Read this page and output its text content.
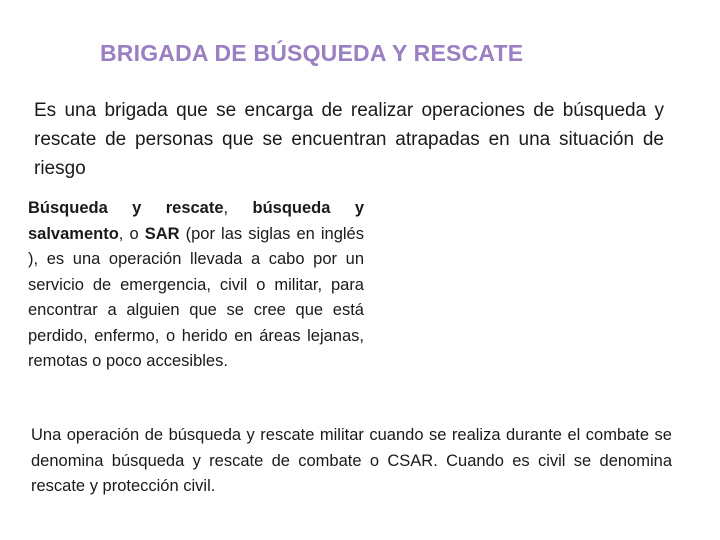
BRIGADA DE BÚSQUEDA Y RESCATE
Es una brigada que se encarga de realizar operaciones de búsqueda y rescate de personas que se encuentran atrapadas en una situación de riesgo
Búsqueda y rescate, búsqueda y salvamento, o SAR (por las siglas en inglés ), es una operación llevada a cabo por un servicio de emergencia, civil o militar, para encontrar a alguien que se cree que está perdido, enfermo, o herido en áreas lejanas, remotas o poco accesibles.
Una operación de búsqueda y rescate militar cuando se realiza durante el combate se denomina búsqueda y rescate de combate o CSAR. Cuando es civil se denomina rescate y protección civil.
